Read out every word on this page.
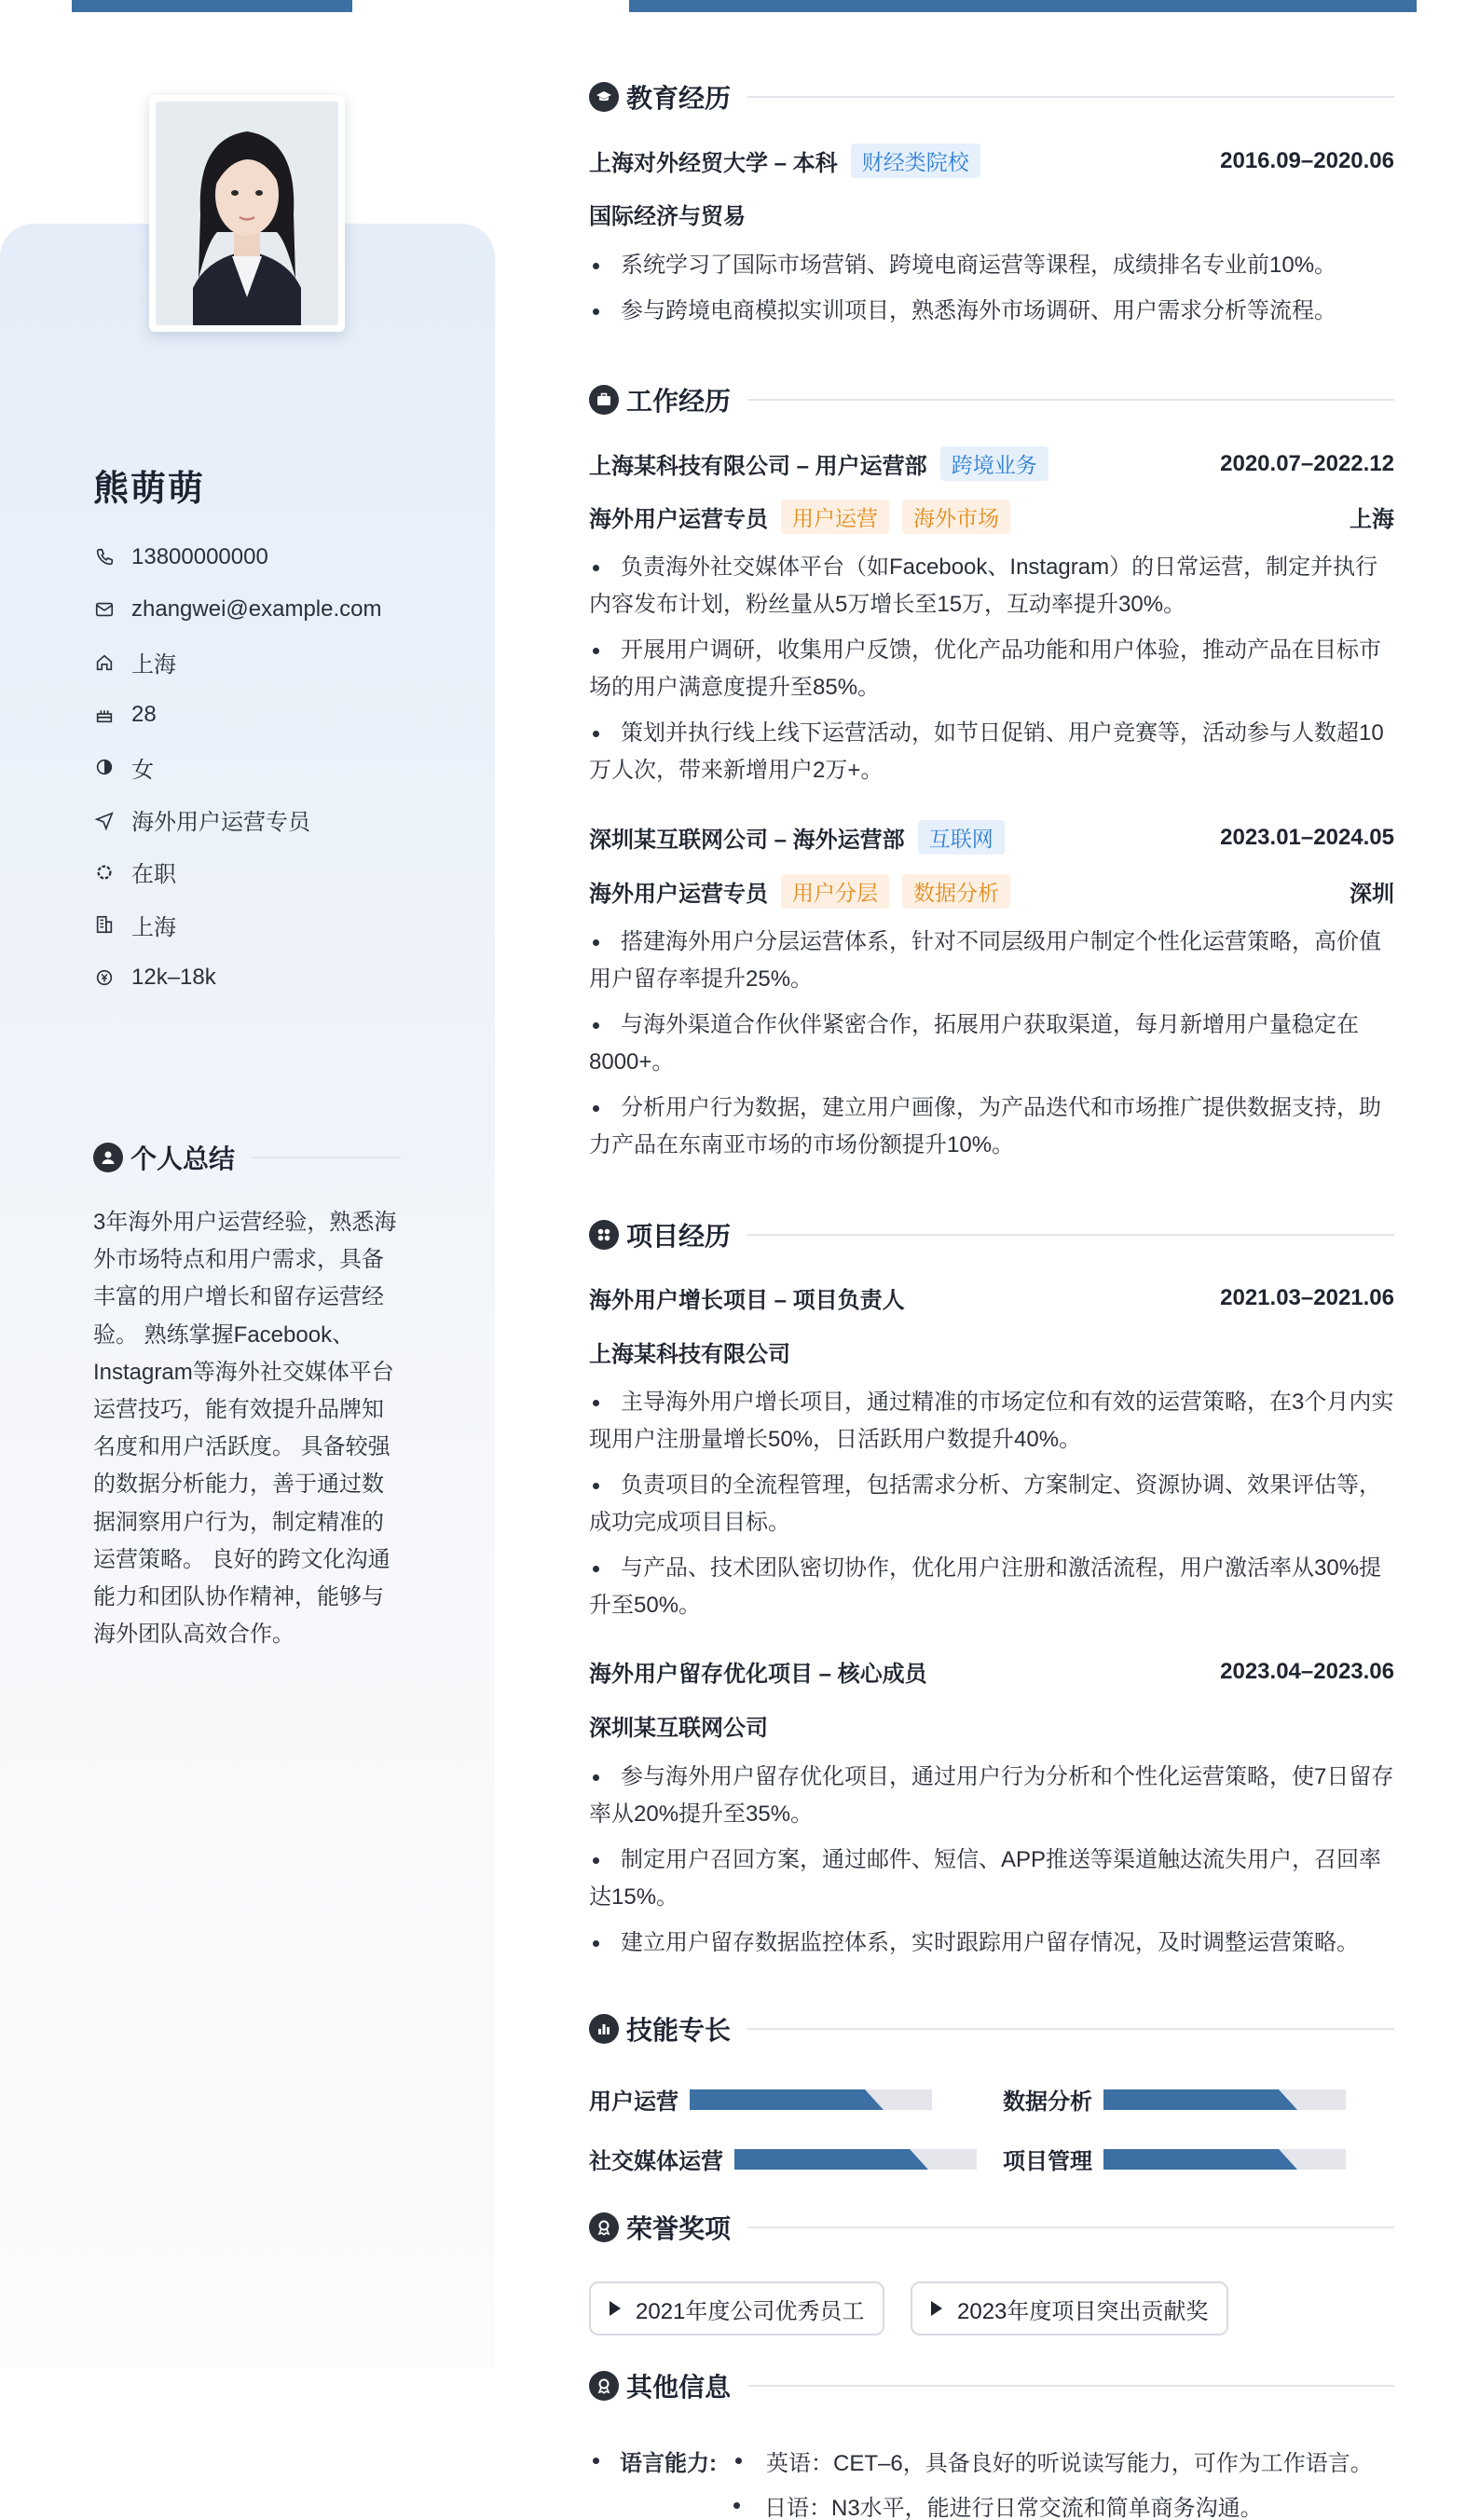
熊萌萌
13800000000
zhangwei@example.com
上海
28
女
海外用户运营专员
在职
上海
12k–18k
个人总结
3年海外用户运营经验，熟悉海外市场特点和用户需求，具备丰富的用户增长和留存运营经验。 熟练掌握Facebook、Instagram等海外社交媒体平台运营技巧，能有效提升品牌知名度和用户活跃度。 具备较强的数据分析能力，善于通过数据洞察用户行为，制定精准的运营策略。 良好的跨文化沟通能力和团队协作精神，能够与海外团队高效合作。
教育经历
上海对外经贸大学 – 本科	财经类院校	2016.09–2020.06
国际经济与贸易
系统学习了国际市场营销、跨境电商运营等课程，成绩排名专业前10%。
参与跨境电商模拟实训项目，熟悉海外市场调研、用户需求分析等流程。
工作经历
上海某科技有限公司 – 用户运营部	跨境业务	2020.07–2022.12
海外用户运营专员	用户运营	海外市场	上海
负责海外社交媒体平台（如Facebook、Instagram）的日常运营，制定并执行内容发布计划，粉丝量从5万增长至15万，互动率提升30%。
开展用户调研，收集用户反馈，优化产品功能和用户体验，推动产品在目标市场的用户满意度提升至85%。
策划并执行线上线下运营活动，如节日促销、用户竞赛等，活动参与人数超10万人次，带来新增用户2万+。
深圳某互联网公司 – 海外运营部	互联网	2023.01–2024.05
海外用户运营专员	用户分层	数据分析	深圳
搭建海外用户分层运营体系，针对不同层级用户制定个性化运营策略，高价值用户留存率提升25%。
与海外渠道合作伙伴紧密合作，拓展用户获取渠道，每月新增用户量稳定在8000+。
分析用户行为数据，建立用户画像，为产品迭代和市场推广提供数据支持，助力产品在东南亚市场的市场份额提升10%。
项目经历
海外用户增长项目 – 项目负责人	2021.03–2021.06
上海某科技有限公司
主导海外用户增长项目，通过精准的市场定位和有效的运营策略，在3个月内实现用户注册量增长50%，日活跃用户数提升40%。
负责项目的全流程管理，包括需求分析、方案制定、资源协调、效果评估等，成功完成项目目标。
与产品、技术团队密切协作，优化用户注册和激活流程，用户激活率从30%提升至50%。
海外用户留存优化项目 – 核心成员	2023.04–2023.06
深圳某互联网公司
参与海外用户留存优化项目，通过用户行为分析和个性化运营策略，使7日留存率从20%提升至35%。
制定用户召回方案，通过邮件、短信、APP推送等渠道触达流失用户，召回率达15%。
建立用户留存数据监控体系，实时跟踪用户留存情况，及时调整运营策略。
技能专长
用户运营	数据分析
社交媒体运营	项目管理
荣誉奖项
2021年度公司优秀员工	2023年度项目突出贡献奖
其他信息
语言能力: 英语：CET–6，具备良好的听说读写能力，可作为工作语言。
日语：N3水平，能进行日常交流和简单商务沟通。
